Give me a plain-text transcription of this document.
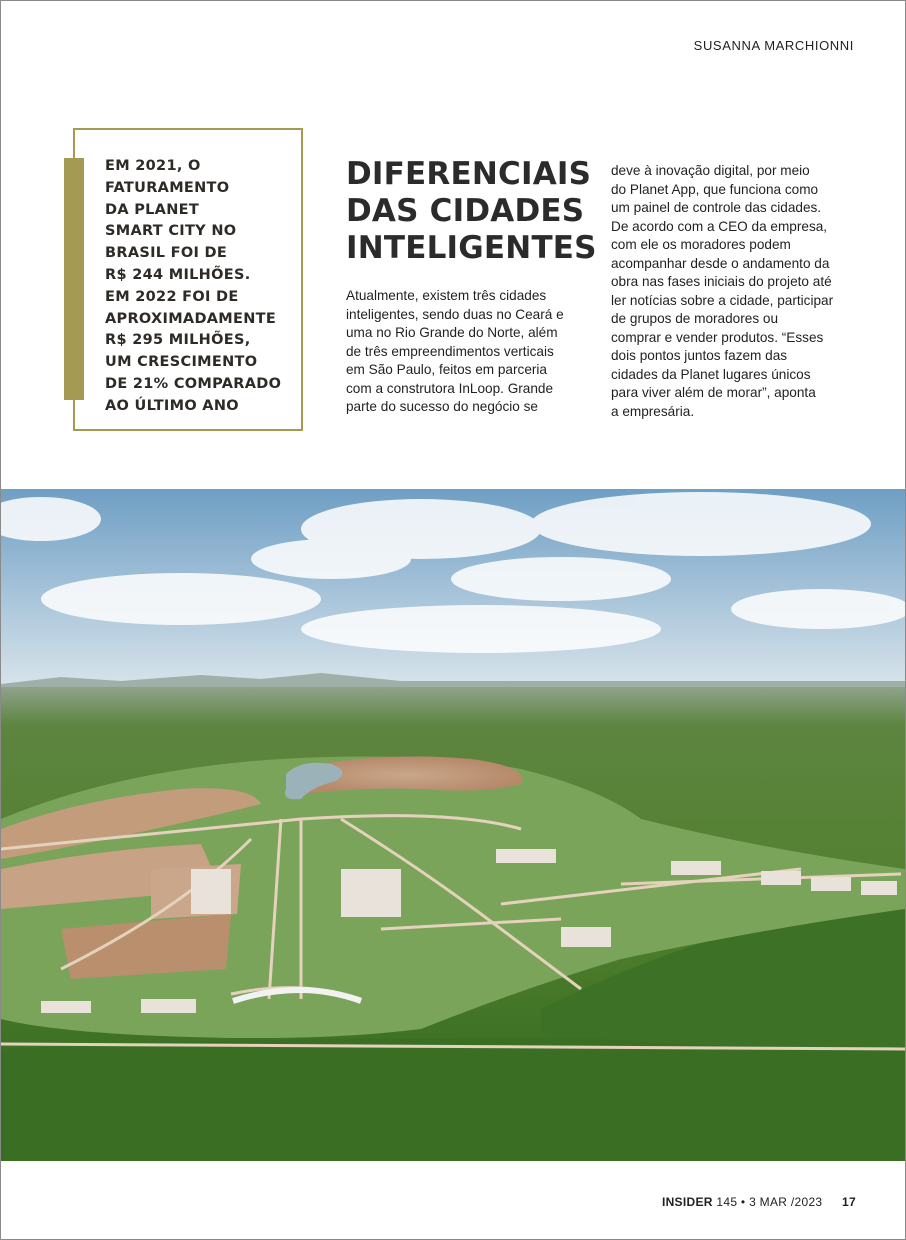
SUSANNA MARCHIONNI

EM 2021, O
FATURAMENTO
DA PLANET
SMART CITY NO
BRASIL FOI DE
R$ 244 MILHÕES.
EM 2022 FOI DE
APROXIMADAMENTE
R$ 295 MILHÕES,
UM CRESCIMENTO
DE 21% COMPARADO
AO ÚLTIMO ANO

DIFERENCIAIS
DAS CIDADES
INTELIGENTES

Atualmente, existem três cidades
inteligentes, sendo duas no Ceará e
uma no Rio Grande do Norte, além
de três empreendimentos verticais
em São Paulo, feitos em parceria
com a construtora InLoop. Grande
parte do sucesso do negócio se

deve à inovação digital, por meio
do Planet App, que funciona como
um painel de controle das cidades.
De acordo com a CEO da empresa,
com ele os moradores podem
acompanhar desde o andamento da
obra nas fases iniciais do projeto até
ler notícias sobre a cidade, participar
de grupos de moradores ou
comprar e vender produtos. “Esses
dois pontos juntos fazem das
cidades da Planet lugares únicos
para viver além de morar”, aponta
a empresária.

INSIDER 145 • 3 MAR /2023 17
